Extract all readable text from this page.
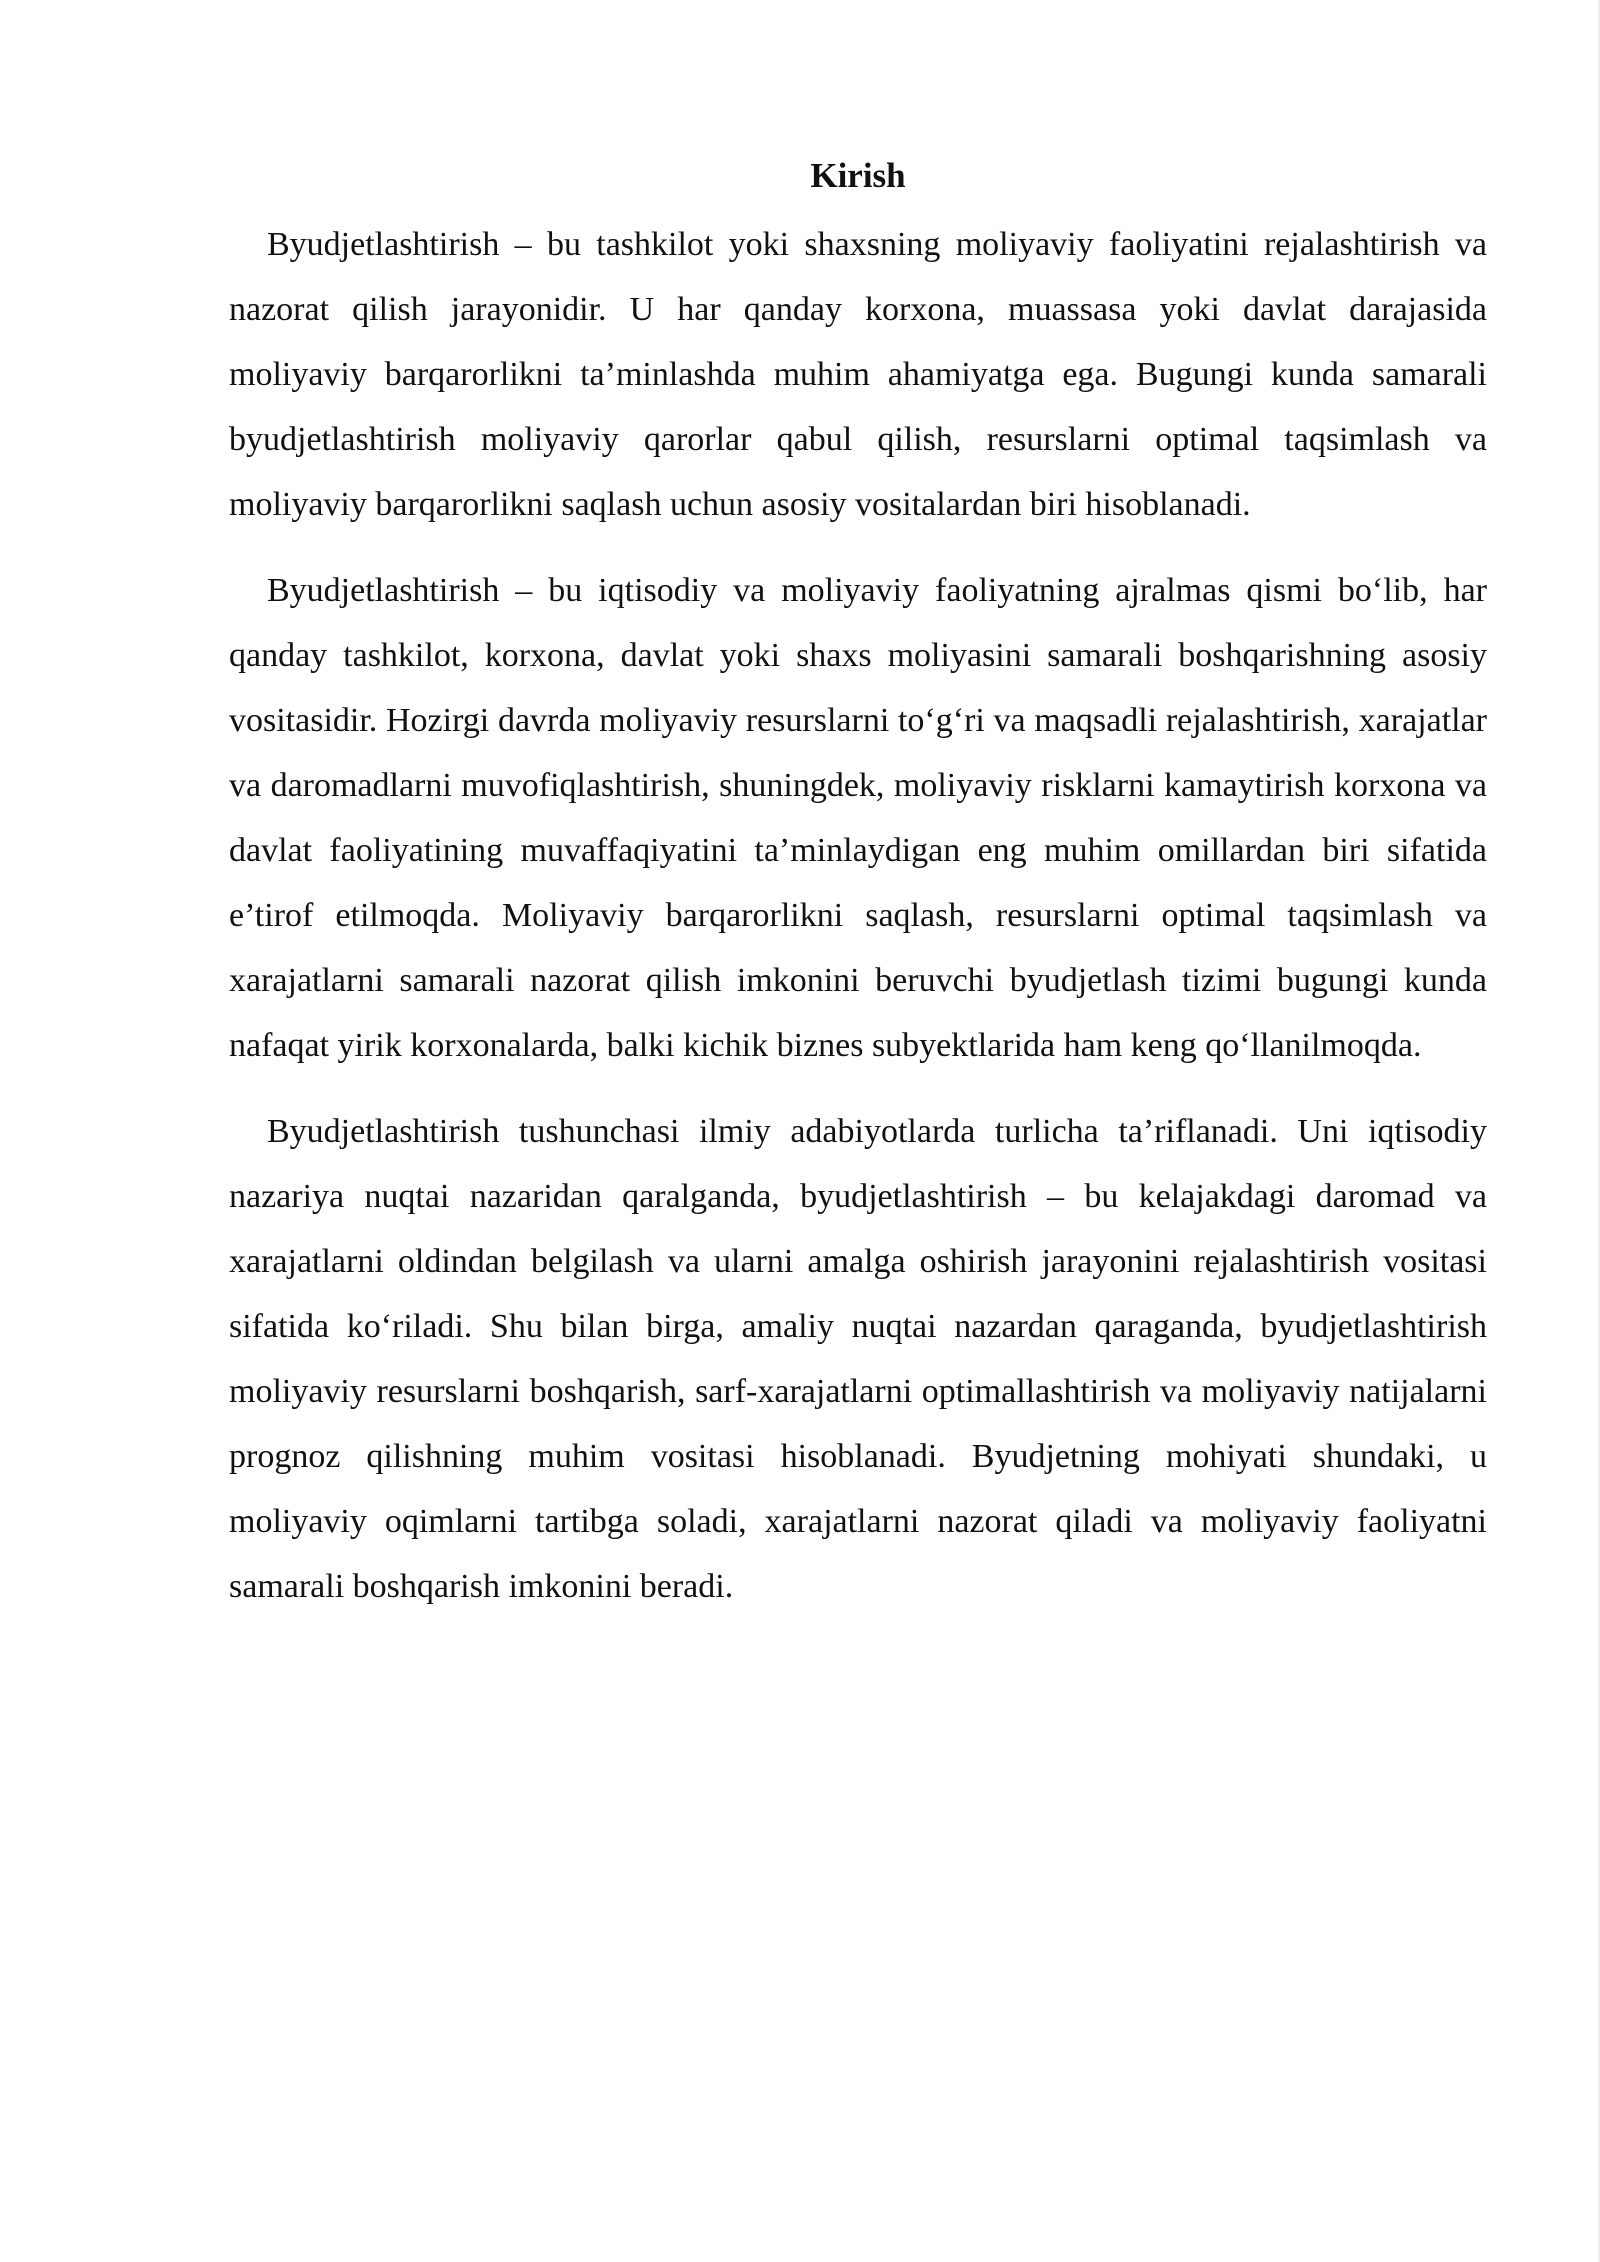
Kirish

Byudjetlashtirish – bu tashkilot yoki shaxsning moliyaviy faoliyatini rejalashtirish va nazorat qilish jarayonidir. U har qanday korxona, muassasa yoki davlat darajasida moliyaviy barqarorlikni ta’minlashda muhim ahamiyatga ega. Bugungi kunda samarali byudjetlashtirish moliyaviy qarorlar qabul qilish, resurslarni optimal taqsimlash va moliyaviy barqarorlikni saqlash uchun asosiy vositalardan biri hisoblanadi.

Byudjetlashtirish – bu iqtisodiy va moliyaviy faoliyatning ajralmas qismi bo‘lib, har qanday tashkilot, korxona, davlat yoki shaxs moliyasini samarali boshqarishning asosiy vositasidir. Hozirgi davrda moliyaviy resurslarni to‘g‘ri va maqsadli rejalashtirish, xarajatlar va daromadlarni muvofiqlashtirish, shuningdek, moliyaviy risklarni kamaytirish korxona va davlat faoliyatining muvaffaqiyatini ta’minlaydigan eng muhim omillardan biri sifatida e’tirof etilmoqda. Moliyaviy barqarorlikni saqlash, resurslarni optimal taqsimlash va xarajatlarni samarali nazorat qilish imkonini beruvchi byudjetlash tizimi bugungi kunda nafaqat yirik korxonalarda, balki kichik biznes subyektlarida ham keng qo‘llanilmoqda.

Byudjetlashtirish tushunchasi ilmiy adabiyotlarda turlicha ta’riflanadi. Uni iqtisodiy nazariya nuqtai nazaridan qaralganda, byudjetlashtirish – bu kelajakdagi daromad va xarajatlarni oldindan belgilash va ularni amalga oshirish jarayonini rejalashtirish vositasi sifatida ko‘riladi. Shu bilan birga, amaliy nuqtai nazardan qaraganda, byudjetlashtirish moliyaviy resurslarni boshqarish, sarf-xarajatlarni optimallashtirish va moliyaviy natijalarni prognoz qilishning muhim vositasi hisoblanadi. Byudjetning mohiyati shundaki, u moliyaviy oqimlarni tartibga soladi, xarajatlarni nazorat qiladi va moliyaviy faoliyatni samarali boshqarish imkonini beradi.
